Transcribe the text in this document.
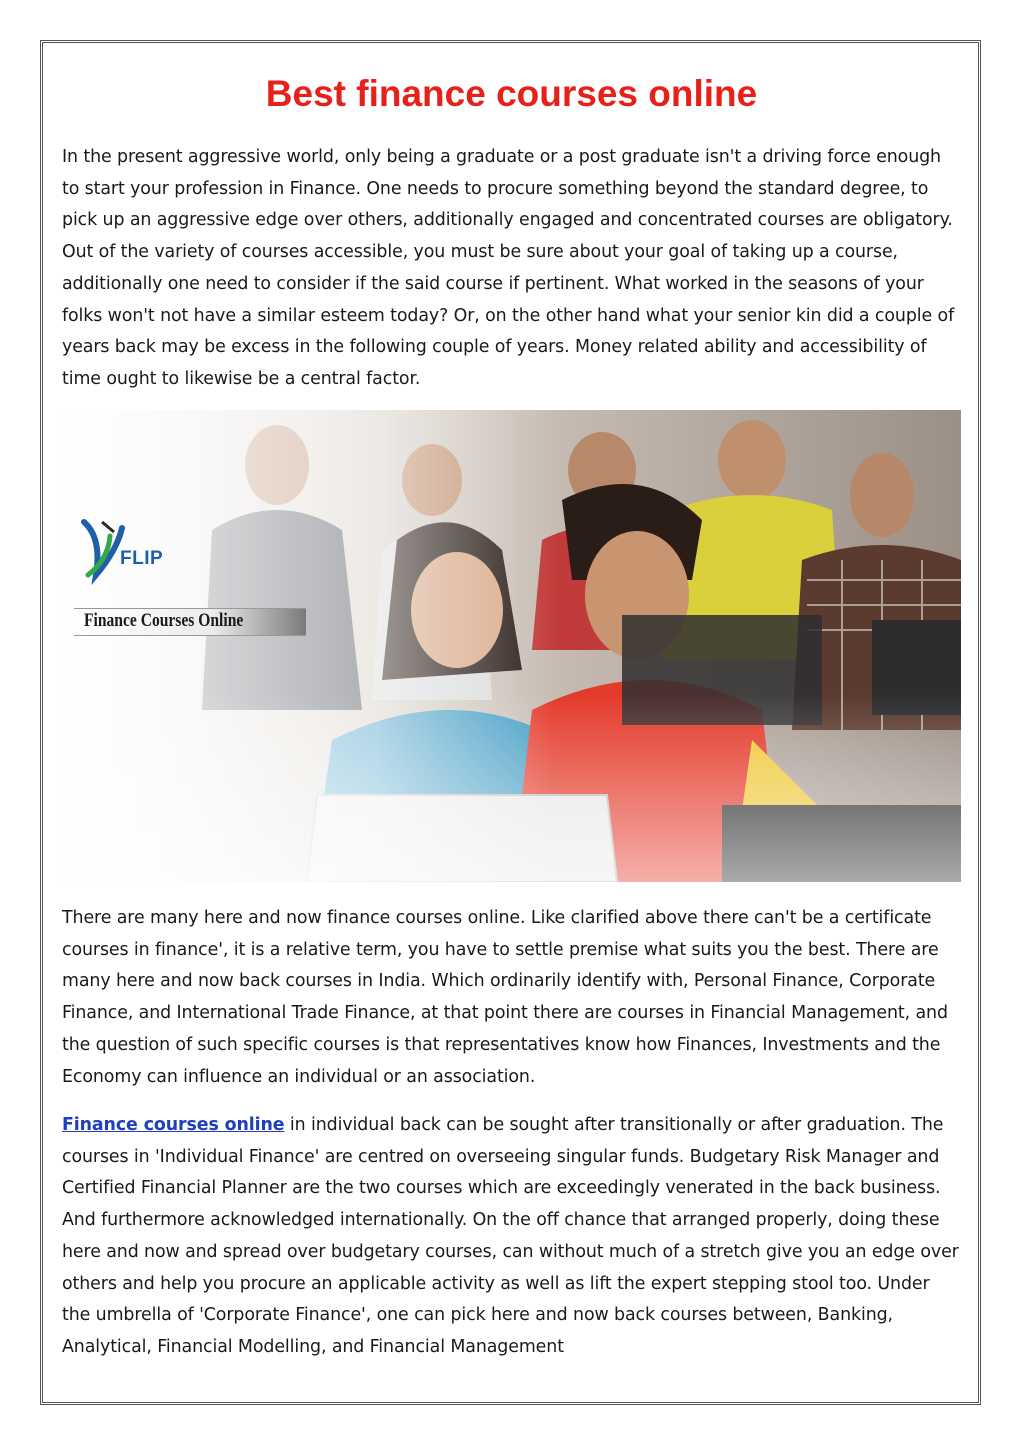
Best finance courses online

In the present aggressive world, only being a graduate or a post graduate isn't a driving force enough to start your profession in Finance. One needs to procure something beyond the standard degree, to pick up an aggressive edge over others, additionally engaged and concentrated courses are obligatory. Out of the variety of courses accessible, you must be sure about your goal of taking up a course, additionally one need to consider if the said course if pertinent. What worked in the seasons of your folks won't not have a similar esteem today? Or, on the other hand what your senior kin did a couple of years back may be excess in the following couple of years. Money related ability and accessibility of time ought to likewise be a central factor.

FLIP
Finance Courses Online

There are many here and now finance courses online. Like clarified above there can't be a certificate courses in finance', it is a relative term, you have to settle premise what suits you the best. There are many here and now back courses in India. Which ordinarily identify with, Personal Finance, Corporate Finance, and International Trade Finance, at that point there are courses in Financial Management, and the question of such specific courses is that representatives know how Finances, Investments and the Economy can influence an individual or an association.

Finance courses online in individual back can be sought after transitionally or after graduation. The courses in 'Individual Finance' are centred on overseeing singular funds. Budgetary Risk Manager and Certified Financial Planner are the two courses which are exceedingly venerated in the back business. And furthermore acknowledged internationally. On the off chance that arranged properly, doing these here and now and spread over budgetary courses, can without much of a stretch give you an edge over others and help you procure an applicable activity as well as lift the expert stepping stool too. Under the umbrella of 'Corporate Finance', one can pick here and now back courses between, Banking, Analytical, Financial Modelling, and Financial Management
